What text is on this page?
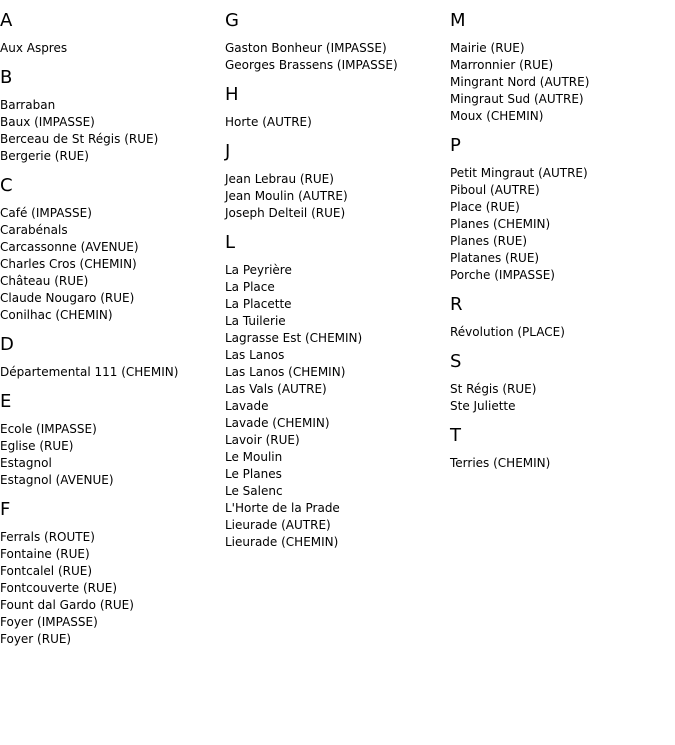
A
Aux Aspres
B
Barraban
Baux (IMPASSE)
Berceau de St Régis (RUE)
Bergerie (RUE)
C
Café (IMPASSE)
Carabénals
Carcassonne (AVENUE)
Charles Cros (CHEMIN)
Château (RUE)
Claude Nougaro (RUE)
Conilhac (CHEMIN)
D
Départemental 111 (CHEMIN)
E
Ecole (IMPASSE)
Eglise (RUE)
Estagnol
Estagnol (AVENUE)
F
Ferrals (ROUTE)
Fontaine (RUE)
Fontcalel (RUE)
Fontcouverte (RUE)
Fount dal Gardo (RUE)
Foyer (IMPASSE)
Foyer (RUE)
G
Gaston Bonheur (IMPASSE)
Georges Brassens (IMPASSE)
H
Horte (AUTRE)
J
Jean Lebrau (RUE)
Jean Moulin (AUTRE)
Joseph Delteil (RUE)
L
La Peyrière
La Place
La Placette
La Tuilerie
Lagrasse Est (CHEMIN)
Las Lanos
Las Lanos (CHEMIN)
Las Vals (AUTRE)
Lavade
Lavade (CHEMIN)
Lavoir (RUE)
Le Moulin
Le Planes
Le Salenc
L'Horte de la Prade
Lieurade (AUTRE)
Lieurade (CHEMIN)
M
Mairie (RUE)
Marronnier (RUE)
Mingrant Nord (AUTRE)
Mingraut Sud (AUTRE)
Moux (CHEMIN)
P
Petit Mingraut (AUTRE)
Piboul (AUTRE)
Place (RUE)
Planes (CHEMIN)
Planes (RUE)
Platanes (RUE)
Porche (IMPASSE)
R
Révolution (PLACE)
S
St Régis (RUE)
Ste Juliette
T
Terries (CHEMIN)
